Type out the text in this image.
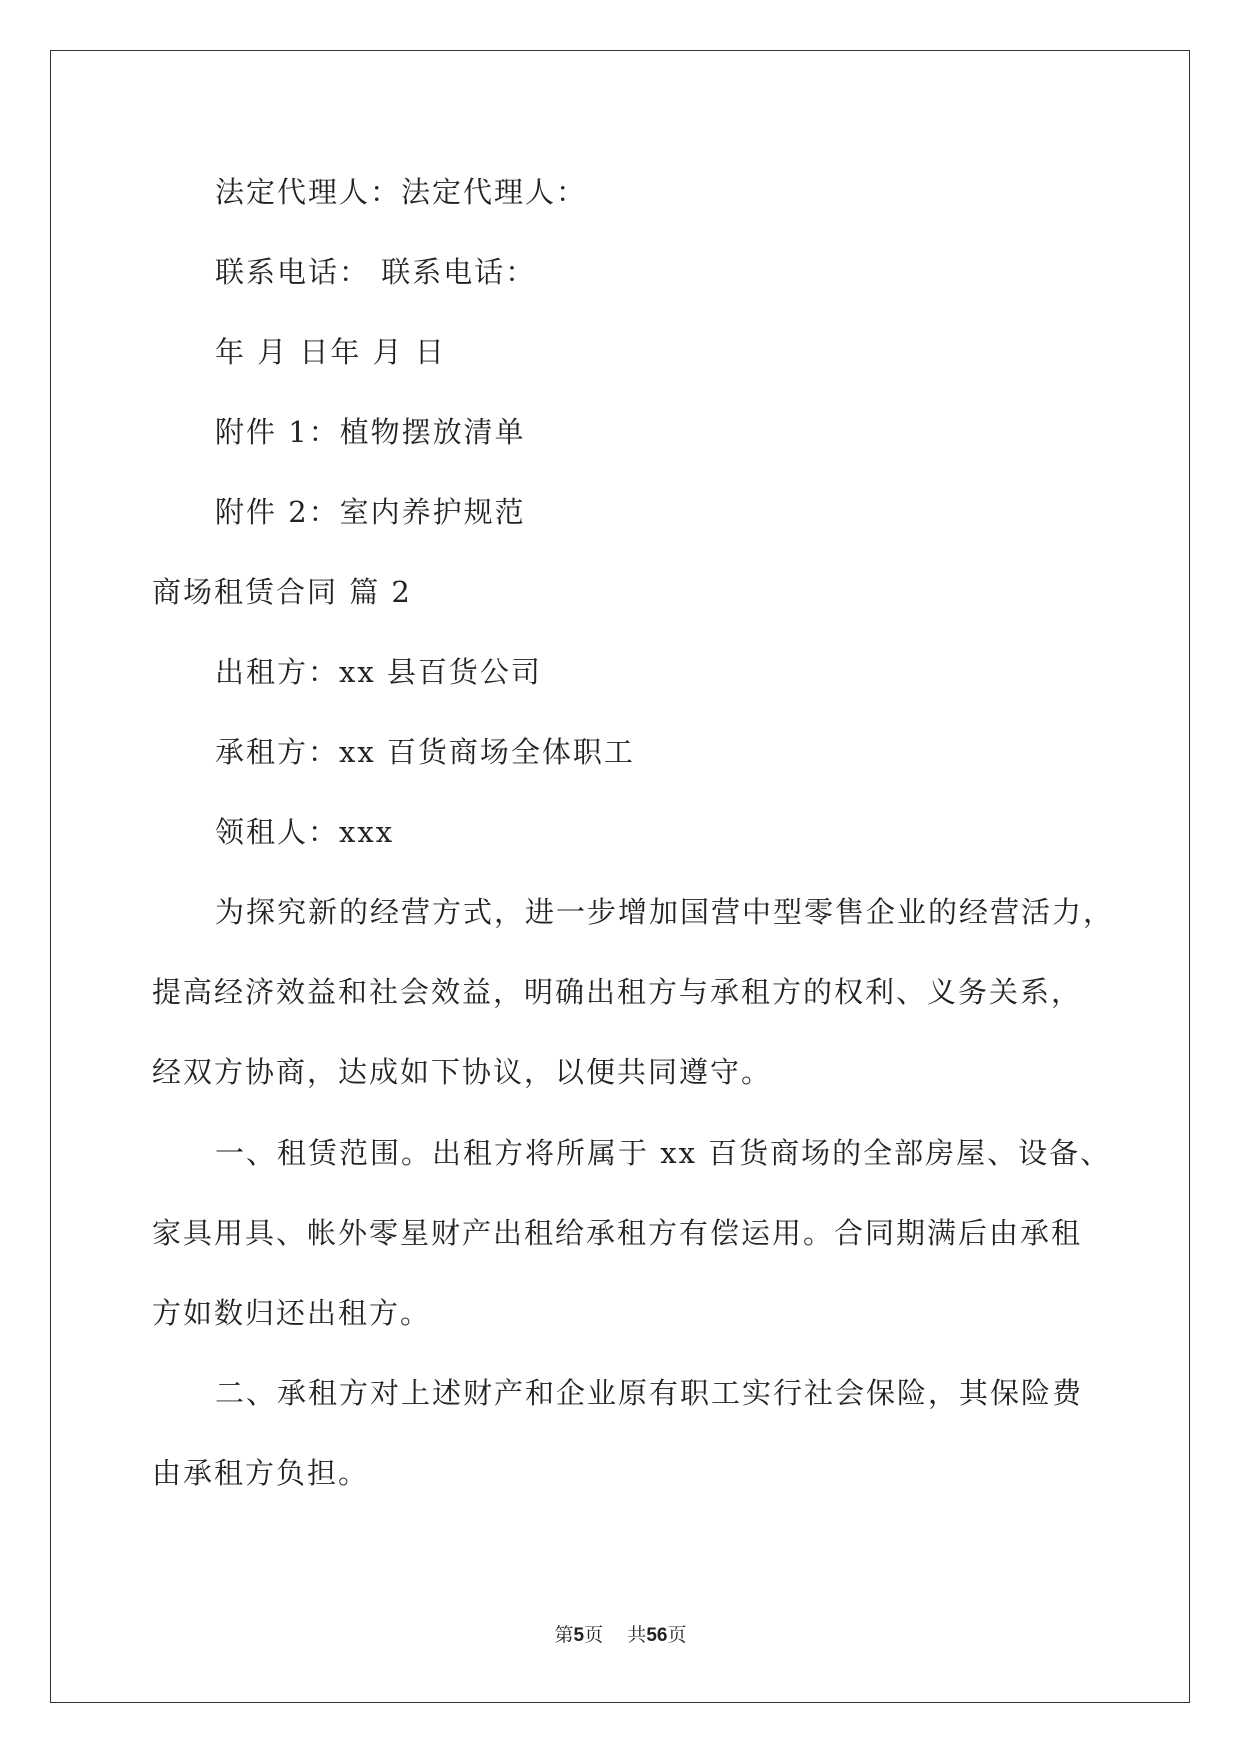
法定代理人：法定代理人：
联系电话： 联系电话：
年 月 日年 月 日
附件 1：植物摆放清单
附件 2：室内养护规范
商场租赁合同 篇 2
出租方：xx 县百货公司
承租方：xx 百货商场全体职工
领租人：xxx
为探究新的经营方式，进一步增加国营中型零售企业的经营活力，
提高经济效益和社会效益，明确出租方与承租方的权利、义务关系，
经双方协商，达成如下协议，以便共同遵守。
一、租赁范围。出租方将所属于 xx 百货商场的全部房屋、设备、
家具用具、帐外零星财产出租给承租方有偿运用。合同期满后由承租
方如数归还出租方。
二、承租方对上述财产和企业原有职工实行社会保险，其保险费
由承租方负担。
第5页 共56页
